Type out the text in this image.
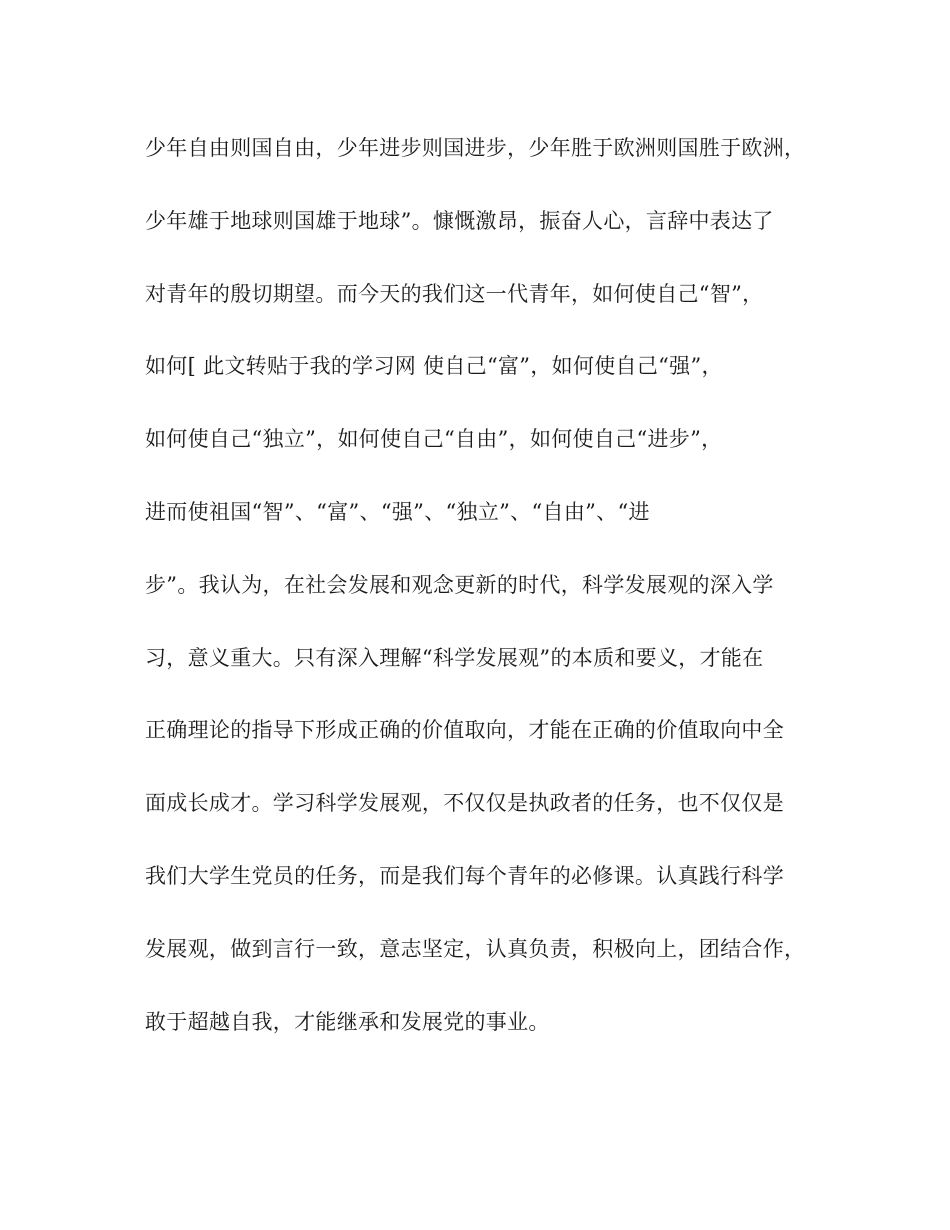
少年自由则国自由，少年进步则国进步，少年胜于欧洲则国胜于欧洲，
少年雄于地球则国雄于地球”。慷慨激昂，振奋人心，言辞中表达了
对青年的殷切期望。而今天的我们这一代青年，如何使自己“智”，
如何[ 此文转贴于我的学习网 使自己“富”，如何使自己“强”，
如何使自己“独立”，如何使自己“自由”，如何使自己“进步”，
进而使祖国“智”、“富”、“强”、“独立”、“自由”、“进
步”。我认为，在社会发展和观念更新的时代，科学发展观的深入学
习，意义重大。只有深入理解“科学发展观”的本质和要义，才能在
正确理论的指导下形成正确的价值取向，才能在正确的价值取向中全
面成长成才。学习科学发展观，不仅仅是执政者的任务，也不仅仅是
我们大学生党员的任务，而是我们每个青年的必修课。认真践行科学
发展观，做到言行一致，意志坚定，认真负责，积极向上，团结合作，
敢于超越自我，才能继承和发展党的事业。
